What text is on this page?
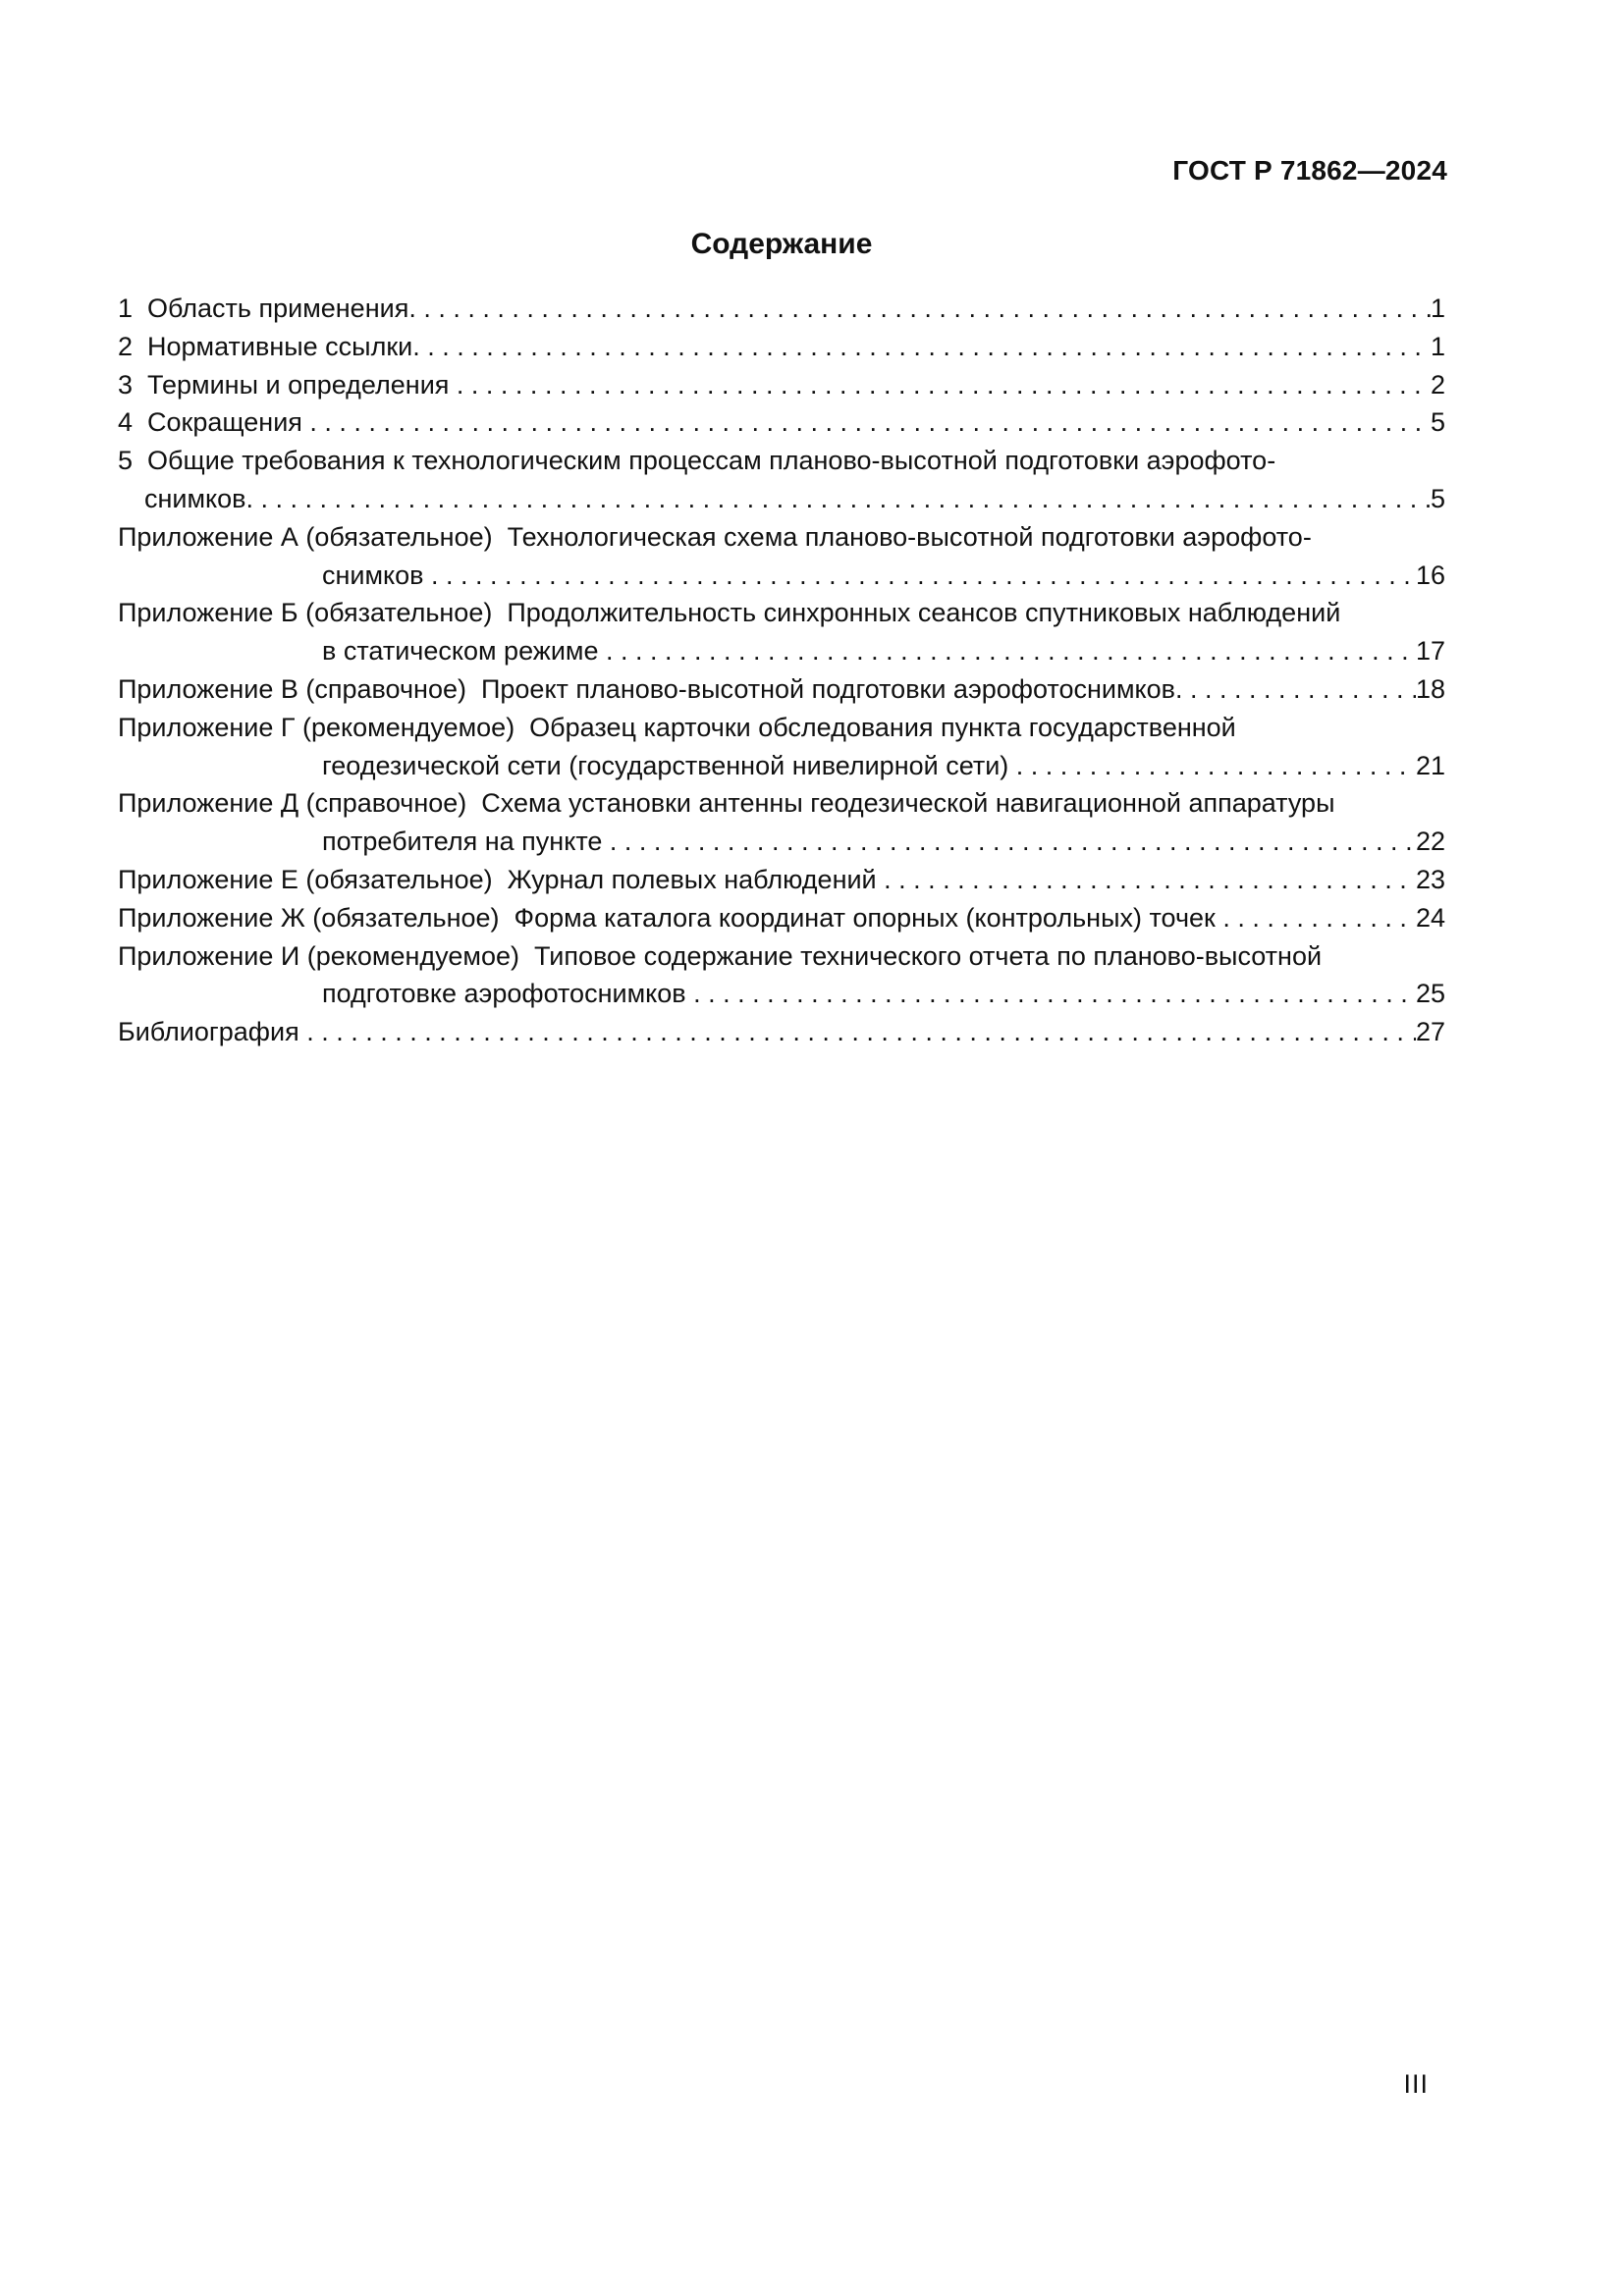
ГОСТ Р 71862—2024
Содержание
1  Область применения . . .	1
2  Нормативные ссылки . . .	1
3  Термины и определения . . .	2
4  Сокращения . . .	5
5  Общие требования к технологическим процессам планово-высотной подготовки аэрофото-
снимков . . .	5
Приложение А (обязательное)  Технологическая схема планово-высотной подготовки аэрофото-
снимков . . .	16
Приложение Б (обязательное)  Продолжительность синхронных сеансов спутниковых наблюдений
в статическом режиме . . .	17
Приложение В (справочное)  Проект планово-высотной подготовки аэрофотоснимков . . .	18
Приложение Г (рекомендуемое)  Образец карточки обследования пункта государственной
геодезической сети (государственной нивелирной сети) . . .	21
Приложение Д (справочное)  Схема установки антенны геодезической навигационной аппаратуры
потребителя на пункте . . .	22
Приложение Е (обязательное)  Журнал полевых наблюдений . . .	23
Приложение Ж (обязательное)  Форма каталога координат опорных (контрольных) точек . . .	24
Приложение И (рекомендуемое)  Типовое содержание технического отчета по планово-высотной
подготовке аэрофотоснимков . . .	25
Библиография . . .	27
III
